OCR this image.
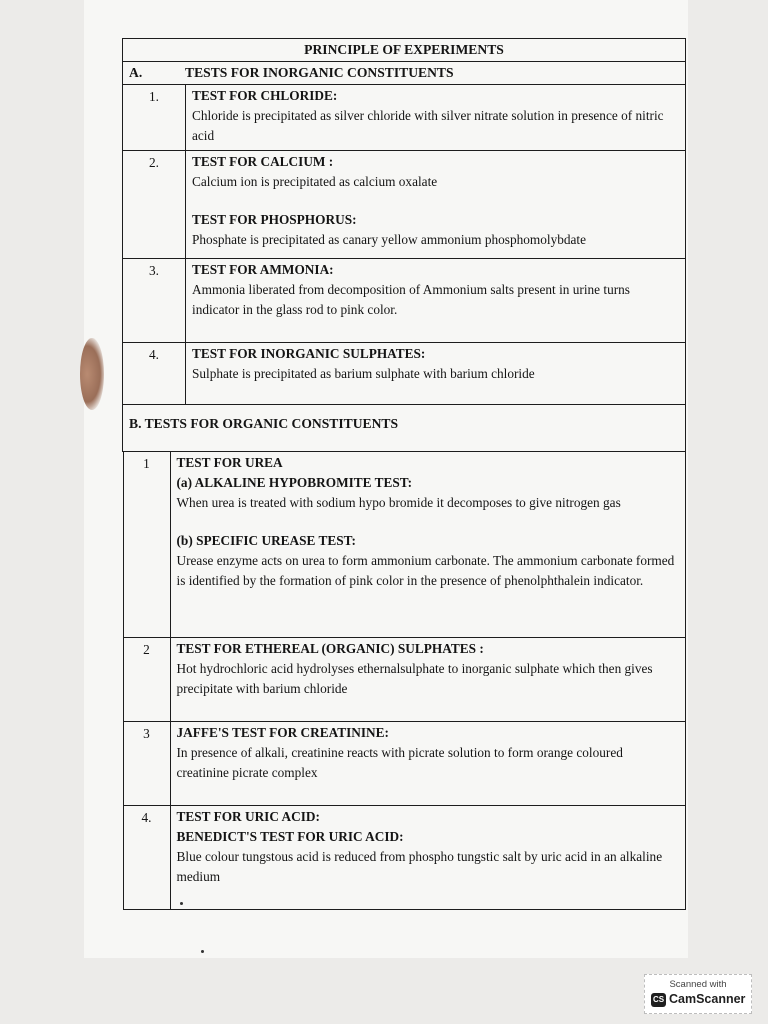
PRINCIPLE OF EXPERIMENTS
A.	TESTS FOR INORGANIC CONSTITUENTS
1.	TEST FOR CHLORIDE:
Chloride is precipitated as silver chloride with silver nitrate solution in presence of nitric acid

2.	TEST FOR CALCIUM :
Calcium ion is precipitated as calcium oxalate
TEST FOR PHOSPHORUS:
Phosphate is precipitated as canary yellow ammonium phosphomolybdate

3.	TEST FOR AMMONIA:
Ammonia liberated from decomposition of Ammonium salts present in urine turns indicator in the glass rod to pink color.

4.	TEST FOR INORGANIC SULPHATES:
Sulphate is precipitated as barium sulphate with barium chloride

B. TESTS FOR ORGANIC CONSTITUENTS

1	TEST FOR UREA
(a) ALKALINE HYPOBROMITE TEST:
When urea is treated with sodium hypo bromide it decomposes to give nitrogen gas
(b) SPECIFIC UREASE TEST:
Urease enzyme acts on urea to form ammonium carbonate. The ammonium carbonate formed is identified by the formation of pink color in the presence of phenolphthalein indicator.

2	TEST FOR ETHEREAL (ORGANIC) SULPHATES :
Hot hydrochloric acid hydrolyses ethernalsulphate to inorganic sulphate which then gives precipitate with barium chloride

3	JAFFE'S TEST FOR CREATININE:
In presence of alkali, creatinine reacts with picrate solution to form orange coloured creatinine picrate complex

4.	TEST FOR URIC ACID:
BENEDICT'S TEST FOR URIC ACID:
Blue colour tungstous acid is reduced from phospho tungstic salt by uric acid in an alkaline medium
Scanned with
CS CamScanner
